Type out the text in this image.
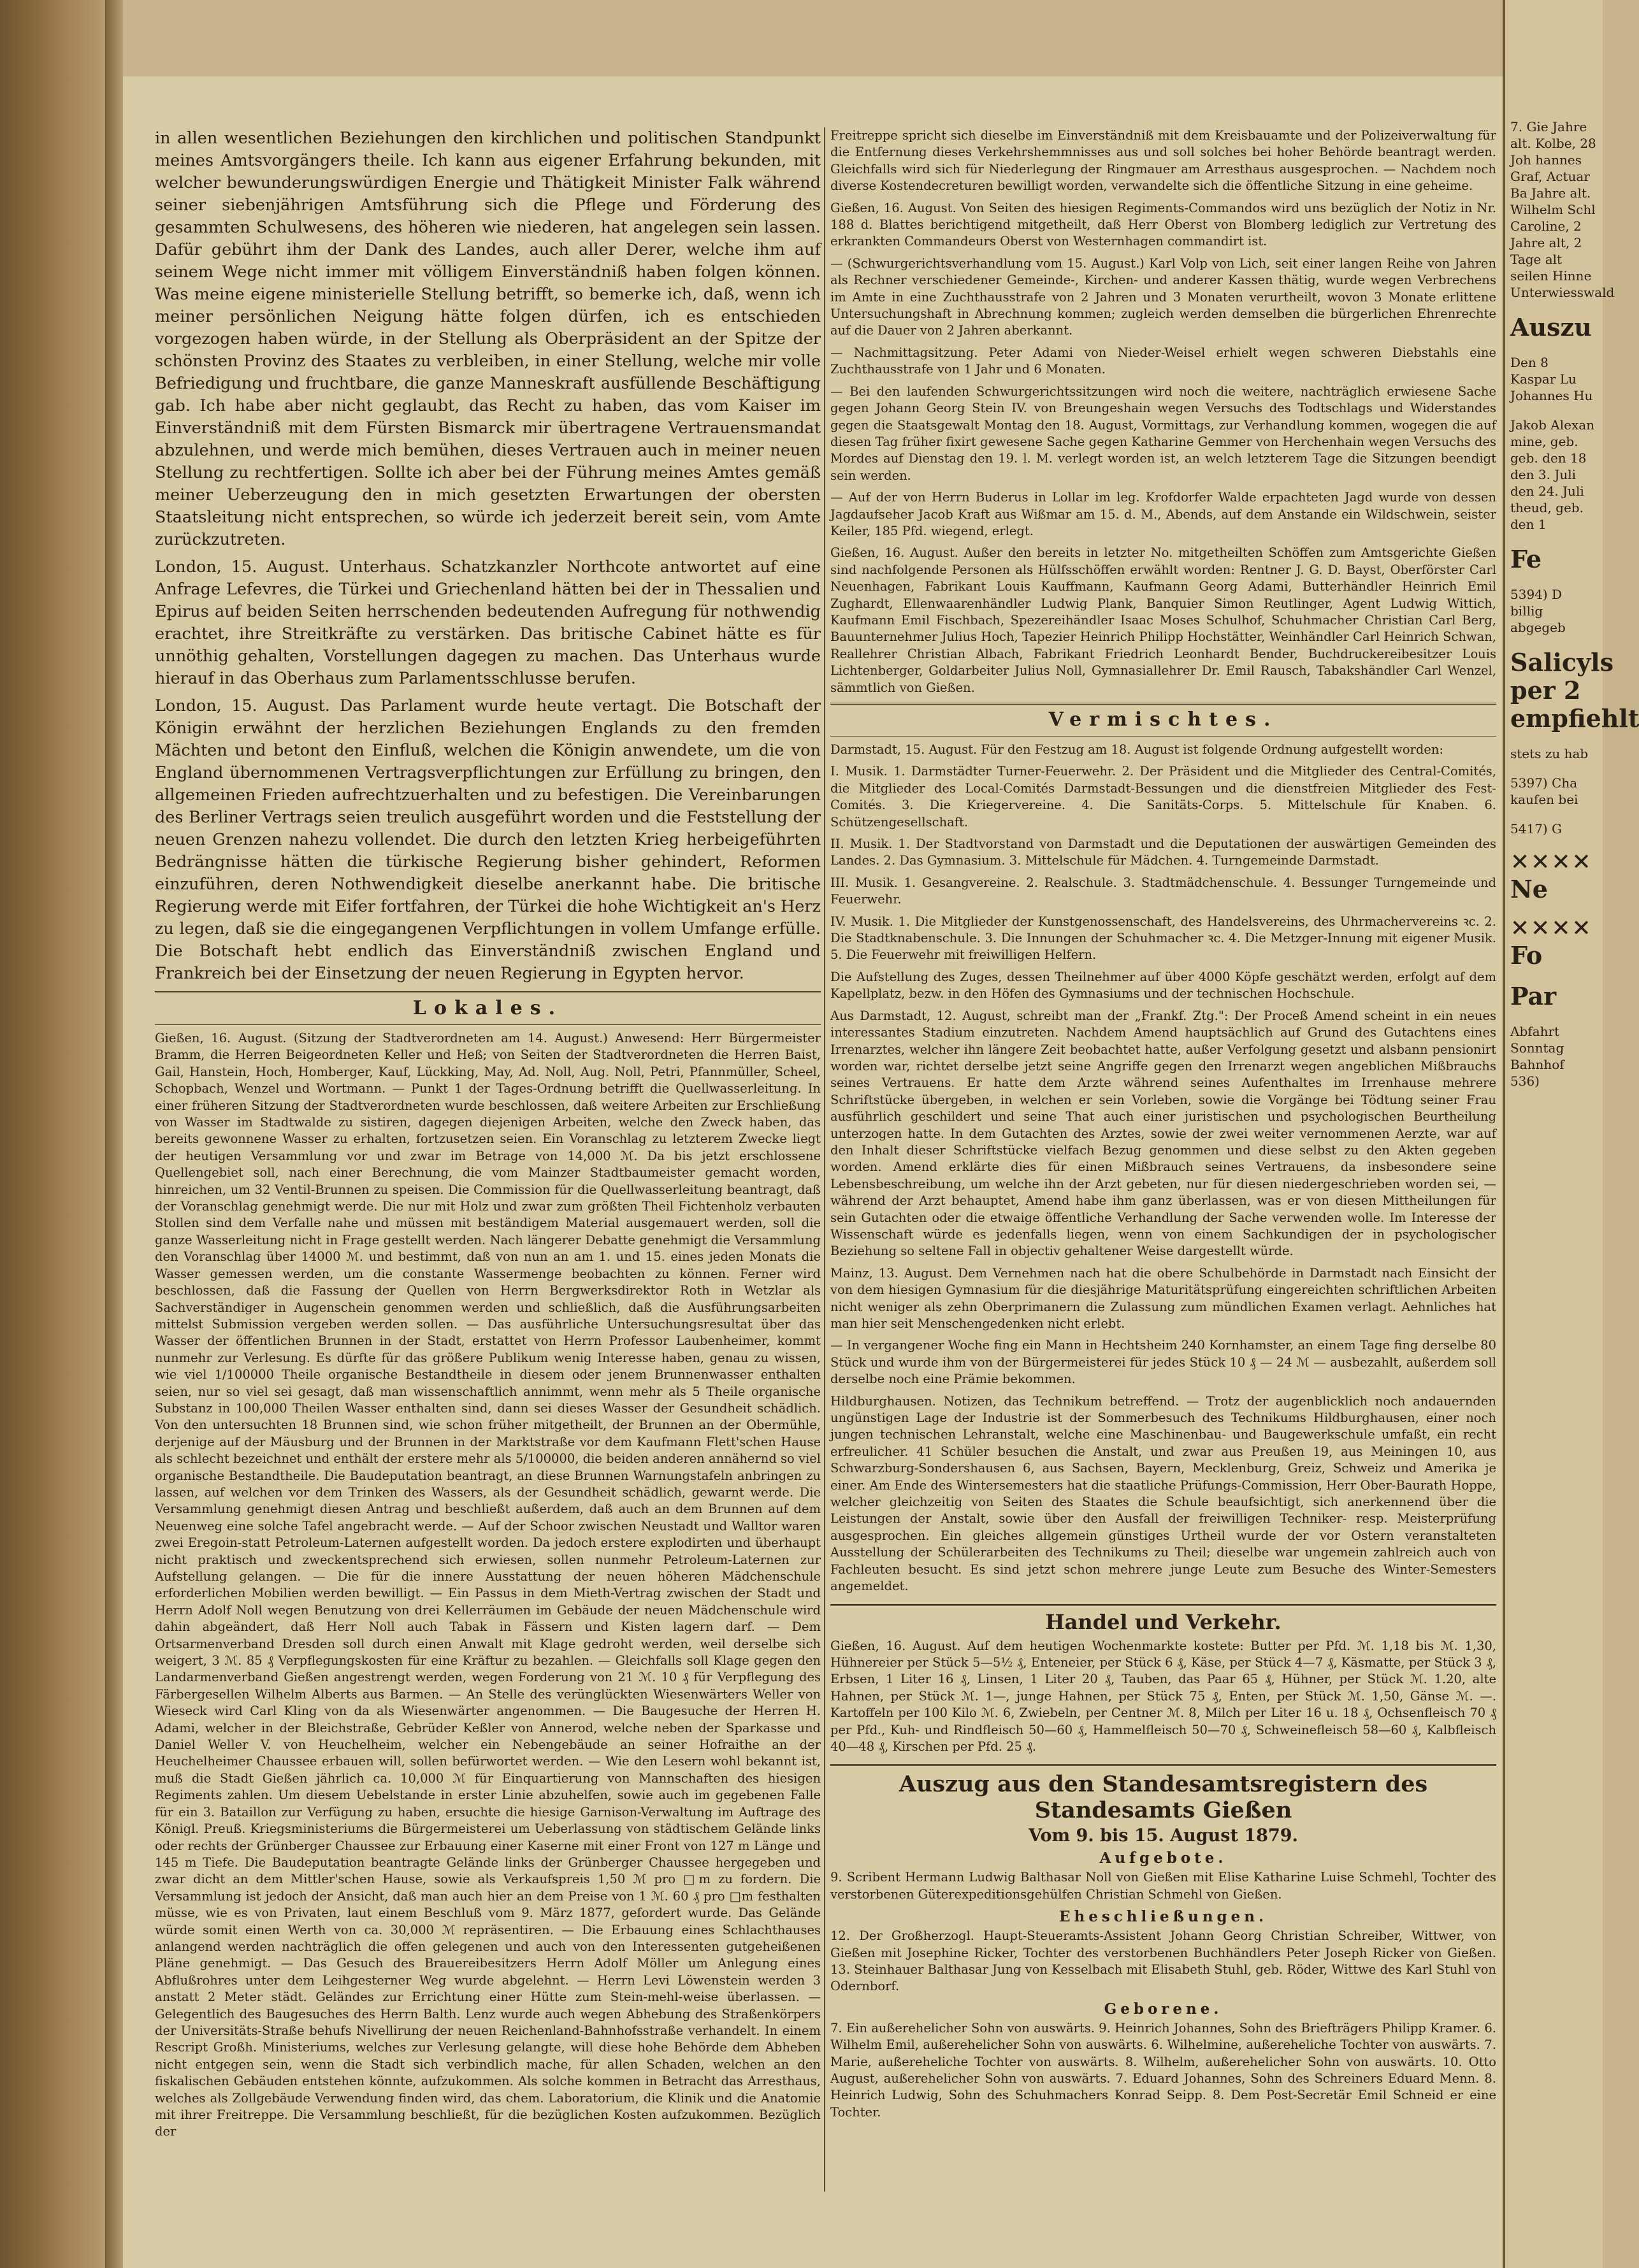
in allen wesentlichen Beziehungen den kirchlichen und politischen Standpunkt meines Amtsvorgängers theile. Ich kann aus eigener Erfahrung bekunden, mit welcher bewunderungswürdigen Energie und Thätigkeit Minister Falk während seiner siebenjährigen Amtsführung sich die Pflege und Förderung des gesammten Schulwesens, des höheren wie niederen, hat angelegen sein lassen. Dafür gebührt ihm der Dank des Landes, auch aller Derer, welche ihm auf seinem Wege nicht immer mit völligem Einverständniß haben folgen können. Was meine eigene ministerielle Stellung betrifft, so bemerke ich, daß, wenn ich meiner persönlichen Neigung hätte folgen dürfen, ich es entschieden vorgezogen haben würde, in der Stellung als Oberpräsident an der Spitze der schönsten Provinz des Staates zu verbleiben, in einer Stellung, welche mir volle Befriedigung und fruchtbare, die ganze Manneskraft ausfüllende Beschäftigung gab. Ich habe aber nicht geglaubt, das Recht zu haben, das vom Kaiser im Einverständniß mit dem Fürsten Bismarck mir übertragene Vertrauensmandat abzulehnen, und werde mich bemühen, dieses Vertrauen auch in meiner neuen Stellung zu rechtfertigen. Sollte ich aber bei der Führung meines Amtes gemäß meiner Ueberzeugung den in mich gesetzten Erwartungen der obersten Staatsleitung nicht entsprechen, so würde ich jederzeit bereit sein, vom Amte zurückzutreten.

London, 15. August. Unterhaus. Schatzkanzler Northcote antwortet auf eine Anfrage Lefevres, die Türkei und Griechenland hätten bei der in Thessalien und Epirus auf beiden Seiten herrschenden bedeutenden Aufregung für nothwendig erachtet, ihre Streitkräfte zu verstärken. Das britische Cabinet hätte es für unnöthig gehalten, Vorstellungen dagegen zu machen. Das Unterhaus wurde hierauf in das Oberhaus zum Parlamentsschlusse berufen.

London, 15. August. Das Parlament wurde heute vertagt. Die Botschaft der Königin erwähnt der herzlichen Beziehungen Englands zu den fremden Mächten und betont den Einfluß, welchen die Königin anwendete, um die von England übernommenen Vertragsverpflichtungen zur Erfüllung zu bringen, den allgemeinen Frieden aufrechtzuerhalten und zu befestigen. Die Vereinbarungen des Berliner Vertrags seien treulich ausgeführt worden und die Feststellung der neuen Grenzen nahezu vollendet. Die durch den letzten Krieg herbeigeführten Bedrängnisse hätten die türkische Regierung bisher gehindert, Reformen einzuführen, deren Nothwendigkeit dieselbe anerkannt habe. Die britische Regierung werde mit Eifer fortfahren, der Türkei die hohe Wichtigkeit an's Herz zu legen, daß sie die eingegangenen Verpflichtungen in vollem Umfange erfülle. Die Botschaft hebt endlich das Einverständniß zwischen England und Frankreich bei der Einsetzung der neuen Regierung in Egypten hervor.

Lokales.

Gießen, 16. August. (Sitzung der Stadtverordneten am 14. August.) Anwesend: Herr Bürgermeister Bramm, die Herren Beigeordneten Keller und Heß; von Seiten der Stadtverordneten die Herren Baist, Gail, Hanstein, Hoch, Homberger, Kauf, Lückking, May, Ad. Noll, Aug. Noll, Petri, Pfannmüller, Scheel, Schopbach, Wenzel und Wortmann. — Punkt 1 der Tages-Ordnung betrifft die Quellwasserleitung. In einer früheren Sitzung der Stadtverordneten wurde beschlossen, daß weitere Arbeiten zur Erschließung von Wasser im Stadtwalde zu sistiren, dagegen diejenigen Arbeiten, welche den Zweck haben, das bereits gewonnene Wasser zu erhalten, fortzusetzen seien. Ein Voranschlag zu letzterem Zwecke liegt der heutigen Versammlung vor und zwar im Betrage von 14,000 ℳ. Da bis jetzt erschlossene Quellengebiet soll, nach einer Berechnung, die vom Mainzer Stadtbaumeister gemacht worden, hinreichen, um 32 Ventil-Brunnen zu speisen. Die Commission für die Quellwasserleitung beantragt, daß der Voranschlag genehmigt werde. Die nur mit Holz und zwar zum größten Theil Fichtenholz verbauten Stollen sind dem Verfalle nahe und müssen mit beständigem Material ausgemauert werden, soll die ganze Wasserleitung nicht in Frage gestellt werden. Nach längerer Debatte genehmigt die Versammlung den Voranschlag über 14000 ℳ. und bestimmt, daß von nun an am 1. und 15. eines jeden Monats die Wasser gemessen werden, um die constante Wassermenge beobachten zu können. Ferner wird beschlossen, daß die Fassung der Quellen von Herrn Bergwerksdirektor Roth in Wetzlar als Sachverständiger in Augenschein genommen werden und schließlich, daß die Ausführungsarbeiten mittelst Submission vergeben werden sollen. — Das ausführliche Untersuchungsresultat über das Wasser der öffentlichen Brunnen in der Stadt, erstattet von Herrn Professor Laubenheimer, kommt nunmehr zur Verlesung. Es dürfte für das größere Publikum wenig Interesse haben, genau zu wissen, wie viel 1/100000 Theile organische Bestandtheile in diesem oder jenem Brunnenwasser enthalten seien, nur so viel sei gesagt, daß man wissenschaftlich annimmt, wenn mehr als 5 Theile organische Substanz in 100,000 Theilen Wasser enthalten sind, dann sei dieses Wasser der Gesundheit schädlich. Von den untersuchten 18 Brunnen sind, wie schon früher mitgetheilt, der Brunnen an der Obermühle, derjenige auf der Mäusburg und der Brunnen in der Marktstraße vor dem Kaufmann Flett'schen Hause als schlecht bezeichnet und enthält der erstere mehr als 5/100000, die beiden anderen annähernd so viel organische Bestandtheile. Die Baudeputation beantragt, an diese Brunnen Warnungstafeln anbringen zu lassen, auf welchen vor dem Trinken des Wassers, als der Gesundheit schädlich, gewarnt werde. Die Versammlung genehmigt diesen Antrag und beschließt außerdem, daß auch an dem Brunnen auf dem Neuenweg eine solche Tafel angebracht werde. — Auf der Schoor zwischen Neustadt und Walltor waren zwei Eregoin-statt Petroleum-Laternen aufgestellt worden. Da jedoch erstere explodirten und überhaupt nicht praktisch und zweckentsprechend sich erwiesen, sollen nunmehr Petroleum-Laternen zur Aufstellung gelangen. — Die für die innere Ausstattung der neuen höheren Mädchenschule erforderlichen Mobilien werden bewilligt. — Ein Passus in dem Mieth-Vertrag zwischen der Stadt und Herrn Adolf Noll wegen Benutzung von drei Kellerräumen im Gebäude der neuen Mädchenschule wird dahin abgeändert, daß Herr Noll auch Tabak in Fässern und Kisten lagern darf. — Dem Ortsarmenverband Dresden soll durch einen Anwalt mit Klage gedroht werden, weil derselbe sich weigert, 3 ℳ. 85 ₰ Verpflegungskosten für eine Kräftur zu bezahlen. — Gleichfalls soll Klage gegen den Landarmenverband Gießen angestrengt werden, wegen Forderung von 21 ℳ. 10 ₰ für Verpflegung des Färbergesellen Wilhelm Alberts aus Barmen. — An Stelle des verünglückten Wiesenwärters Weller von Wieseck wird Carl Kling von da als Wiesenwärter angenommen. — Die Baugesuche der Herren H. Adami, welcher in der Bleichstraße, Gebrüder Keßler von Annerod, welche neben der Sparkasse und Daniel Weller V. von Heuchelheim, welcher ein Nebengebäude an seiner Hofraithe an der Heuchelheimer Chaussee erbauen will, sollen befürwortet werden. — Wie den Lesern wohl bekannt ist, muß die Stadt Gießen jährlich ca. 10,000 ℳ für Einquartierung von Mannschaften des hiesigen Regiments zahlen. Um diesem Uebelstande in erster Linie abzuhelfen, sowie auch im gegebenen Falle für ein 3. Bataillon zur Verfügung zu haben, ersuchte die hiesige Garnison-Verwaltung im Auftrage des Königl. Preuß. Kriegsministeriums die Bürgermeisterei um Ueberlassung von städtischem Gelände links oder rechts der Grünberger Chaussee zur Erbauung einer Kaserne mit einer Front von 127 m Länge und 145 m Tiefe. Die Baudeputation beantragte Gelände links der Grünberger Chaussee hergegeben und zwar dicht an dem Mittler'schen Hause, sowie als Verkaufspreis 1,50 ℳ pro □m zu fordern. Die Versammlung ist jedoch der Ansicht, daß man auch hier an dem Preise von 1 ℳ. 60 ₰ pro □m festhalten müsse, wie es von Privaten, laut einem Beschluß vom 9. März 1877, gefordert wurde. Das Gelände würde somit einen Werth von ca. 30,000 ℳ repräsentiren. — Die Erbauung eines Schlachthauses anlangend werden nachträglich die offen gelegenen und auch von den Interessenten gutgeheißenen Pläne genehmigt. — Das Gesuch des Brauereibesitzers Herrn Adolf Möller um Anlegung eines Abflußrohres unter dem Leihgesterner Weg wurde abgelehnt. — Herrn Levi Löwenstein werden 3 anstatt 2 Meter städt. Geländes zur Errichtung einer Hütte zum Stein-mehl-weise überlassen. — Gelegentlich des Baugesuches des Herrn Balth. Lenz wurde auch wegen Abhebung des Straßenkörpers der Universitäts-Straße behufs Nivellirung der neuen Reichenland-Bahnhofsstraße verhandelt. In einem Rescript Großh. Ministeriums, welches zur Verlesung gelangte, will diese hohe Behörde dem Abheben nicht entgegen sein, wenn die Stadt sich verbindlich mache, für allen Schaden, welchen an den fiskalischen Gebäuden entstehen könnte, aufzukommen. Als solche kommen in Betracht das Arresthaus, welches als Zollgebäude Verwendung finden wird, das chem. Laboratorium, die Klinik und die Anatomie mit ihrer Freitreppe. Die Versammlung beschließt, für die bezüglichen Kosten aufzukommen. Bezüglich der

Freitreppe spricht sich dieselbe im Einverständniß mit dem Kreisbauamte und der Polizeiverwaltung für die Entfernung dieses Verkehrshemmnisses aus und soll solches bei hoher Behörde beantragt werden. Gleichfalls wird sich für Niederlegung der Ringmauer am Arresthaus ausgesprochen. — Nachdem noch diverse Kostendecreturen bewilligt worden, verwandelte sich die öffentliche Sitzung in eine geheime.

Gießen, 16. August. Von Seiten des hiesigen Regiments-Commandos wird uns bezüglich der Notiz in Nr. 188 d. Blattes berichtigend mitgetheilt, daß Herr Oberst von Blomberg lediglich zur Vertretung des erkrankten Commandeurs Oberst von Westernhagen commandirt ist.

— (Schwurgerichtsverhandlung vom 15. August.) Karl Volp von Lich, seit einer langen Reihe von Jahren als Rechner verschiedener Gemeinde-, Kirchen- und anderer Kassen thätig, wurde wegen Verbrechens im Amte in eine Zuchthausstrafe von 2 Jahren und 3 Monaten verurtheilt, wovon 3 Monate erlittene Untersuchungshaft in Abrechnung kommen; zugleich werden demselben die bürgerlichen Ehrenrechte auf die Dauer von 2 Jahren aberkannt.

— Nachmittagsitzung. Peter Adami von Nieder-Weisel erhielt wegen schweren Diebstahls eine Zuchthausstrafe von 1 Jahr und 6 Monaten.

— Bei den laufenden Schwurgerichtssitzungen wird noch die weitere, nachträglich erwiesene Sache gegen Johann Georg Stein IV. von Breungeshain wegen Versuchs des Todtschlags und Widerstandes gegen die Staatsgewalt Montag den 18. August, Vormittags, zur Verhandlung kommen, wogegen die auf diesen Tag früher fixirt gewesene Sache gegen Katharine Gemmer von Herchenhain wegen Versuchs des Mordes auf Dienstag den 19. l. M. verlegt worden ist, an welch letzterem Tage die Sitzungen beendigt sein werden.

— Auf der von Herrn Buderus in Lollar im leg. Krofdorfer Walde erpachteten Jagd wurde von dessen Jagdaufseher Jacob Kraft aus Wißmar am 15. d. M., Abends, auf dem Anstande ein Wildschwein, seister Keiler, 185 Pfd. wiegend, erlegt.

Gießen, 16. August. Außer den bereits in letzter No. mitgetheilten Schöffen zum Amtsgerichte Gießen sind nachfolgende Personen als Hülfsschöffen erwählt worden: Rentner J. G. D. Bayst, Oberförster Carl Neuenhagen, Fabrikant Louis Kauffmann, Kaufmann Georg Adami, Butterhändler Heinrich Emil Zughardt, Ellenwaarenhändler Ludwig Plank, Banquier Simon Reutlinger, Agent Ludwig Wittich, Kaufmann Emil Fischbach, Spezereihändler Isaac Moses Schulhof, Schuhmacher Christian Carl Berg, Bauunternehmer Julius Hoch, Tapezier Heinrich Philipp Hochstätter, Weinhändler Carl Heinrich Schwan, Reallehrer Christian Albach, Fabrikant Friedrich Leonhardt Bender, Buchdruckereibesitzer Louis Lichtenberger, Goldarbeiter Julius Noll, Gymnasiallehrer Dr. Emil Rausch, Tabakshändler Carl Wenzel, sämmtlich von Gießen.

Vermischtes.

Darmstadt, 15. August. Für den Festzug am 18. August ist folgende Ordnung aufgestellt worden:

I. Musik. 1. Darmstädter Turner-Feuerwehr. 2. Der Präsident und die Mitglieder des Central-Comités, die Mitglieder des Local-Comités Darmstadt-Bessungen und die dienstfreien Mitglieder des Fest-Comités. 3. Die Kriegervereine. 4. Die Sanitäts-Corps. 5. Mittelschule für Knaben. 6. Schützengesellschaft.

II. Musik. 1. Der Stadtvorstand von Darmstadt und die Deputationen der auswärtigen Gemeinden des Landes. 2. Das Gymnasium. 3. Mittelschule für Mädchen. 4. Turngemeinde Darmstadt.

III. Musik. 1. Gesangvereine. 2. Realschule. 3. Stadtmädchenschule. 4. Bessunger Turngemeinde und Feuerwehr.

IV. Musik. 1. Die Mitglieder der Kunstgenossenschaft, des Handelsvereins, des Uhrmachervereins ꝛc. 2. Die Stadtknabenschule. 3. Die Innungen der Schuhmacher ꝛc. 4. Die Metzger-Innung mit eigener Musik. 5. Die Feuerwehr mit freiwilligen Helfern.

Die Aufstellung des Zuges, dessen Theilnehmer auf über 4000 Köpfe geschätzt werden, erfolgt auf dem Kapellplatz, bezw. in den Höfen des Gymnasiums und der technischen Hochschule.

Aus Darmstadt, 12. August, schreibt man der „Frankf. Ztg.": Der Proceß Amend scheint in ein neues interessantes Stadium einzutreten. Nachdem Amend hauptsächlich auf Grund des Gutachtens eines Irrenarztes, welcher ihn längere Zeit beobachtet hatte, außer Verfolgung gesetzt und alsbann pensionirt worden war, richtet derselbe jetzt seine Angriffe gegen den Irrenarzt wegen angeblichen Mißbrauchs seines Vertrauens. Er hatte dem Arzte während seines Aufenthaltes im Irrenhause mehrere Schriftstücke übergeben, in welchen er sein Vorleben, sowie die Vorgänge bei Tödtung seiner Frau ausführlich geschildert und seine That auch einer juristischen und psychologischen Beurtheilung unterzogen hatte. In dem Gutachten des Arztes, sowie der zwei weiter vernommenen Aerzte, war auf den Inhalt dieser Schriftstücke vielfach Bezug genommen und diese selbst zu den Akten gegeben worden. Amend erklärte dies für einen Mißbrauch seines Vertrauens, da insbesondere seine Lebensbeschreibung, um welche ihn der Arzt gebeten, nur für diesen niedergeschrieben worden sei, — während der Arzt behauptet, Amend habe ihm ganz überlassen, was er von diesen Mittheilungen für sein Gutachten oder die etwaige öffentliche Verhandlung der Sache verwenden wolle. Im Interesse der Wissenschaft würde es jedenfalls liegen, wenn von einem Sachkundigen der in psychologischer Beziehung so seltene Fall in objectiv gehaltener Weise dargestellt würde.

Mainz, 13. August. Dem Vernehmen nach hat die obere Schulbehörde in Darmstadt nach Einsicht der von dem hiesigen Gymnasium für die diesjährige Maturitätsprüfung eingereichten schriftlichen Arbeiten nicht weniger als zehn Oberprimanern die Zulassung zum mündlichen Examen verlagt. Aehnliches hat man hier seit Menschengedenken nicht erlebt.

— In vergangener Woche fing ein Mann in Hechtsheim 240 Kornhamster, an einem Tage fing derselbe 80 Stück und wurde ihm von der Bürgermeisterei für jedes Stück 10 ₰ — 24 ℳ — ausbezahlt, außerdem soll derselbe noch eine Prämie bekommen.

Hildburghausen. Notizen, das Technikum betreffend. — Trotz der augenblicklich noch andauernden ungünstigen Lage der Industrie ist der Sommerbesuch des Technikums Hildburghausen, einer noch jungen technischen Lehranstalt, welche eine Maschinenbau- und Baugewerkschule umfaßt, ein recht erfreulicher. 41 Schüler besuchen die Anstalt, und zwar aus Preußen 19, aus Meiningen 10, aus Schwarzburg-Sondershausen 6, aus Sachsen, Bayern, Mecklenburg, Greiz, Schweiz und Amerika je einer. Am Ende des Wintersemesters hat die staatliche Prüfungs-Commission, Herr Ober-Baurath Hoppe, welcher gleichzeitig von Seiten des Staates die Schule beaufsichtigt, sich anerkennend über die Leistungen der Anstalt, sowie über den Ausfall der freiwilligen Techniker- resp. Meisterprüfung ausgesprochen. Ein gleiches allgemein günstiges Urtheil wurde der vor Ostern veranstalteten Ausstellung der Schülerarbeiten des Technikums zu Theil; dieselbe war ungemein zahlreich auch von Fachleuten besucht. Es sind jetzt schon mehrere junge Leute zum Besuche des Winter-Semesters angemeldet.

Handel und Verkehr.

Gießen, 16. August. Auf dem heutigen Wochenmarkte kostete: Butter per Pfd. ℳ. 1,18 bis ℳ. 1,30, Hühnereier per Stück 5—5½ ₰, Enteneier, per Stück 6 ₰, Käse, per Stück 4—7 ₰, Käsmatte, per Stück 3 ₰, Erbsen, 1 Liter 16 ₰, Linsen, 1 Liter 20 ₰, Tauben, das Paar 65 ₰, Hühner, per Stück ℳ. 1.20, alte Hahnen, per Stück ℳ. 1—, junge Hahnen, per Stück 75 ₰, Enten, per Stück ℳ. 1,50, Gänse ℳ. —. Kartoffeln per 100 Kilo ℳ. 6, Zwiebeln, per Centner ℳ. 8, Milch per Liter 16 u. 18 ₰, Ochsenfleisch 70 ₰ per Pfd., Kuh- und Rindfleisch 50—60 ₰, Hammelfleisch 50—70 ₰, Schweinefleisch 58—60 ₰, Kalbfleisch 40—48 ₰, Kirschen per Pfd. 25 ₰.

Auszug aus den Standesamtsregistern des Standesamts Gießen
Vom 9. bis 15. August 1879.
Aufgebote.

9. Scribent Hermann Ludwig Balthasar Noll von Gießen mit Elise Katharine Luise Schmehl, Tochter des verstorbenen Güterexpeditionsgehülfen Christian Schmehl von Gießen.

Eheschließungen.

12. Der Großherzogl. Haupt-Steueramts-Assistent Johann Georg Christian Schreiber, Wittwer, von Gießen mit Josephine Ricker, Tochter des verstorbenen Buchhändlers Peter Joseph Ricker von Gießen. 13. Steinhauer Balthasar Jung von Kesselbach mit Elisabeth Stuhl, geb. Röder, Wittwe des Karl Stuhl von Odernborf.

Geborene.

7. Ein außerehelicher Sohn von auswärts. 9. Heinrich Johannes, Sohn des Briefträgers Philipp Kramer. 6. Wilhelm Emil, außerehelicher Sohn von auswärts. 6. Wilhelmine, außereheliche Tochter von auswärts. 7. Marie, außereheliche Tochter von auswärts. 8. Wilhelm, außerehelicher Sohn von auswärts. 10. Otto August, außerehelicher Sohn von auswärts. 7. Eduard Johannes, Sohn des Schreiners Eduard Menn. 8. Heinrich Ludwig, Sohn des Schuhmachers Konrad Seipp. 8. Dem Post-Secretär Emil Schneid er eine Tochter.

7. Gie Jahre alt. Kolbe, 28 Joh hannes Graf, Actuar Ba Jahre alt. Wilhelm Schl Caroline, 2 Jahre alt, 2 Tage alt seilen Hinne Unterwiesswald
Auszu
Den 8 Kaspar Lu Johannes Hu
Jakob Alexan mine, geb. geb. den 18 den 3. Juli den 24. Juli theud, geb. den 1
Fe
5394) D billig abgegeb
Salicyls per 2 empfiehlt
stets zu hab
5397) Cha kaufen bei
5417) G
✕✕✕✕
Ne
✕✕✕✕
Fo
Par
Abfahrt Sonntag Bahnhof 536)
